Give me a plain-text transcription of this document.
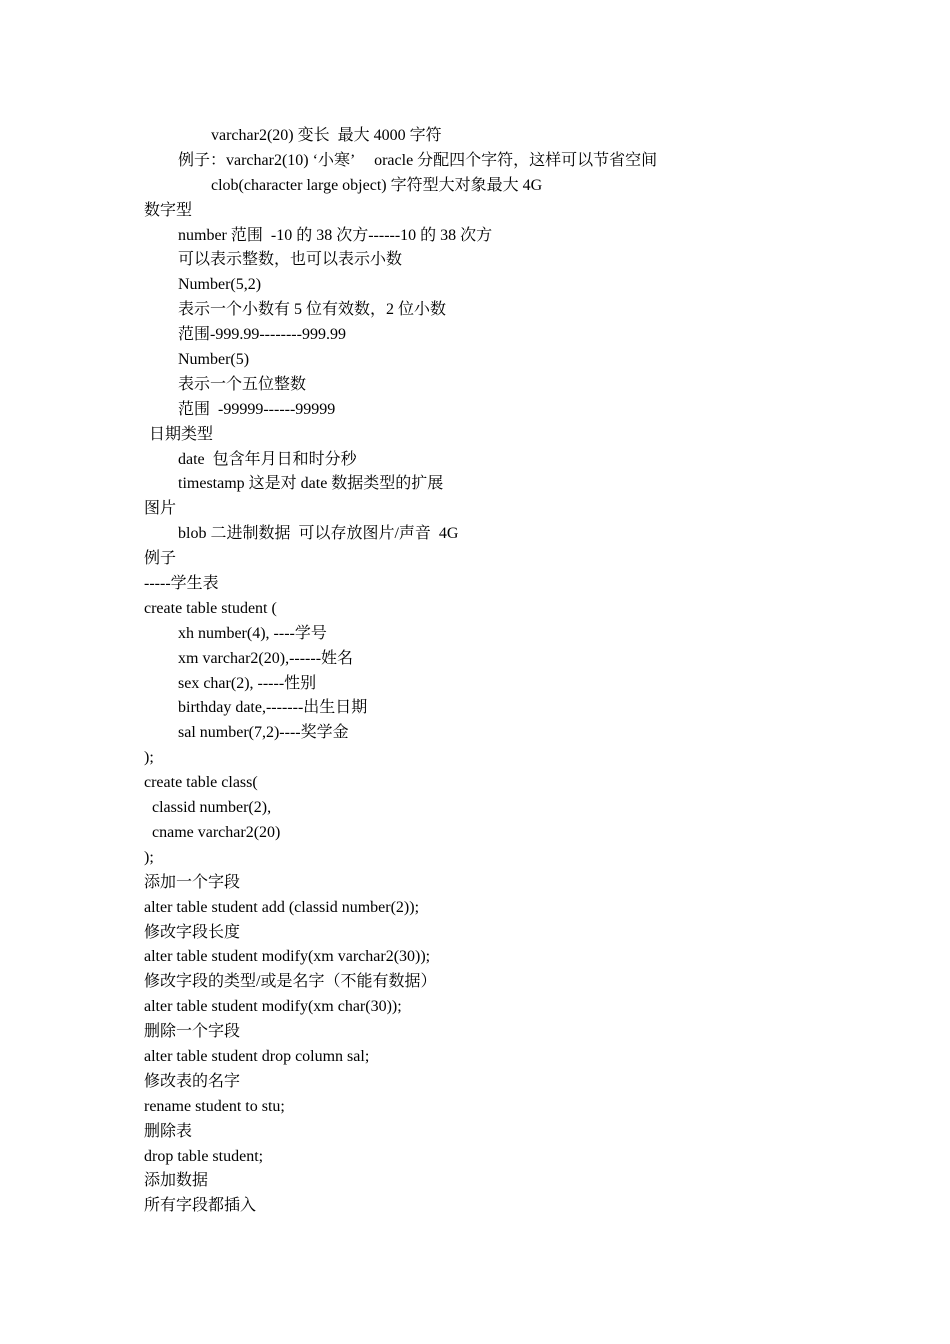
varchar2(20) 变长  最大 4000 字符
例子：varchar2(10) ‘小寒’     oracle 分配四个字符，这样可以节省空间
clob(character large object) 字符型大对象最大 4G
数字型
number 范围  -10 的 38 次方------10 的 38 次方
可以表示整数，也可以表示小数
Number(5,2)
表示一个小数有 5 位有效数，2 位小数
范围-999.99--------999.99
Number(5)
表示一个五位整数
范围  -99999------99999
日期类型
date  包含年月日和时分秒
timestamp 这是对 date 数据类型的扩展
图片
blob 二进制数据  可以存放图片/声音  4G
例子
-----学生表
create table student (
xh number(4), ----学号
xm varchar2(20),------姓名
sex char(2), -----性别
birthday date,-------出生日期
sal number(7,2)----奖学金
);
create table class(
classid number(2),
cname varchar2(20)
);
添加一个字段
alter table student add (classid number(2));
修改字段长度
alter table student modify(xm varchar2(30));
修改字段的类型/或是名字（不能有数据）
alter table student modify(xm char(30));
删除一个字段
alter table student drop column sal;
修改表的名字
rename student to stu;
删除表
drop table student;
添加数据
所有字段都插入
